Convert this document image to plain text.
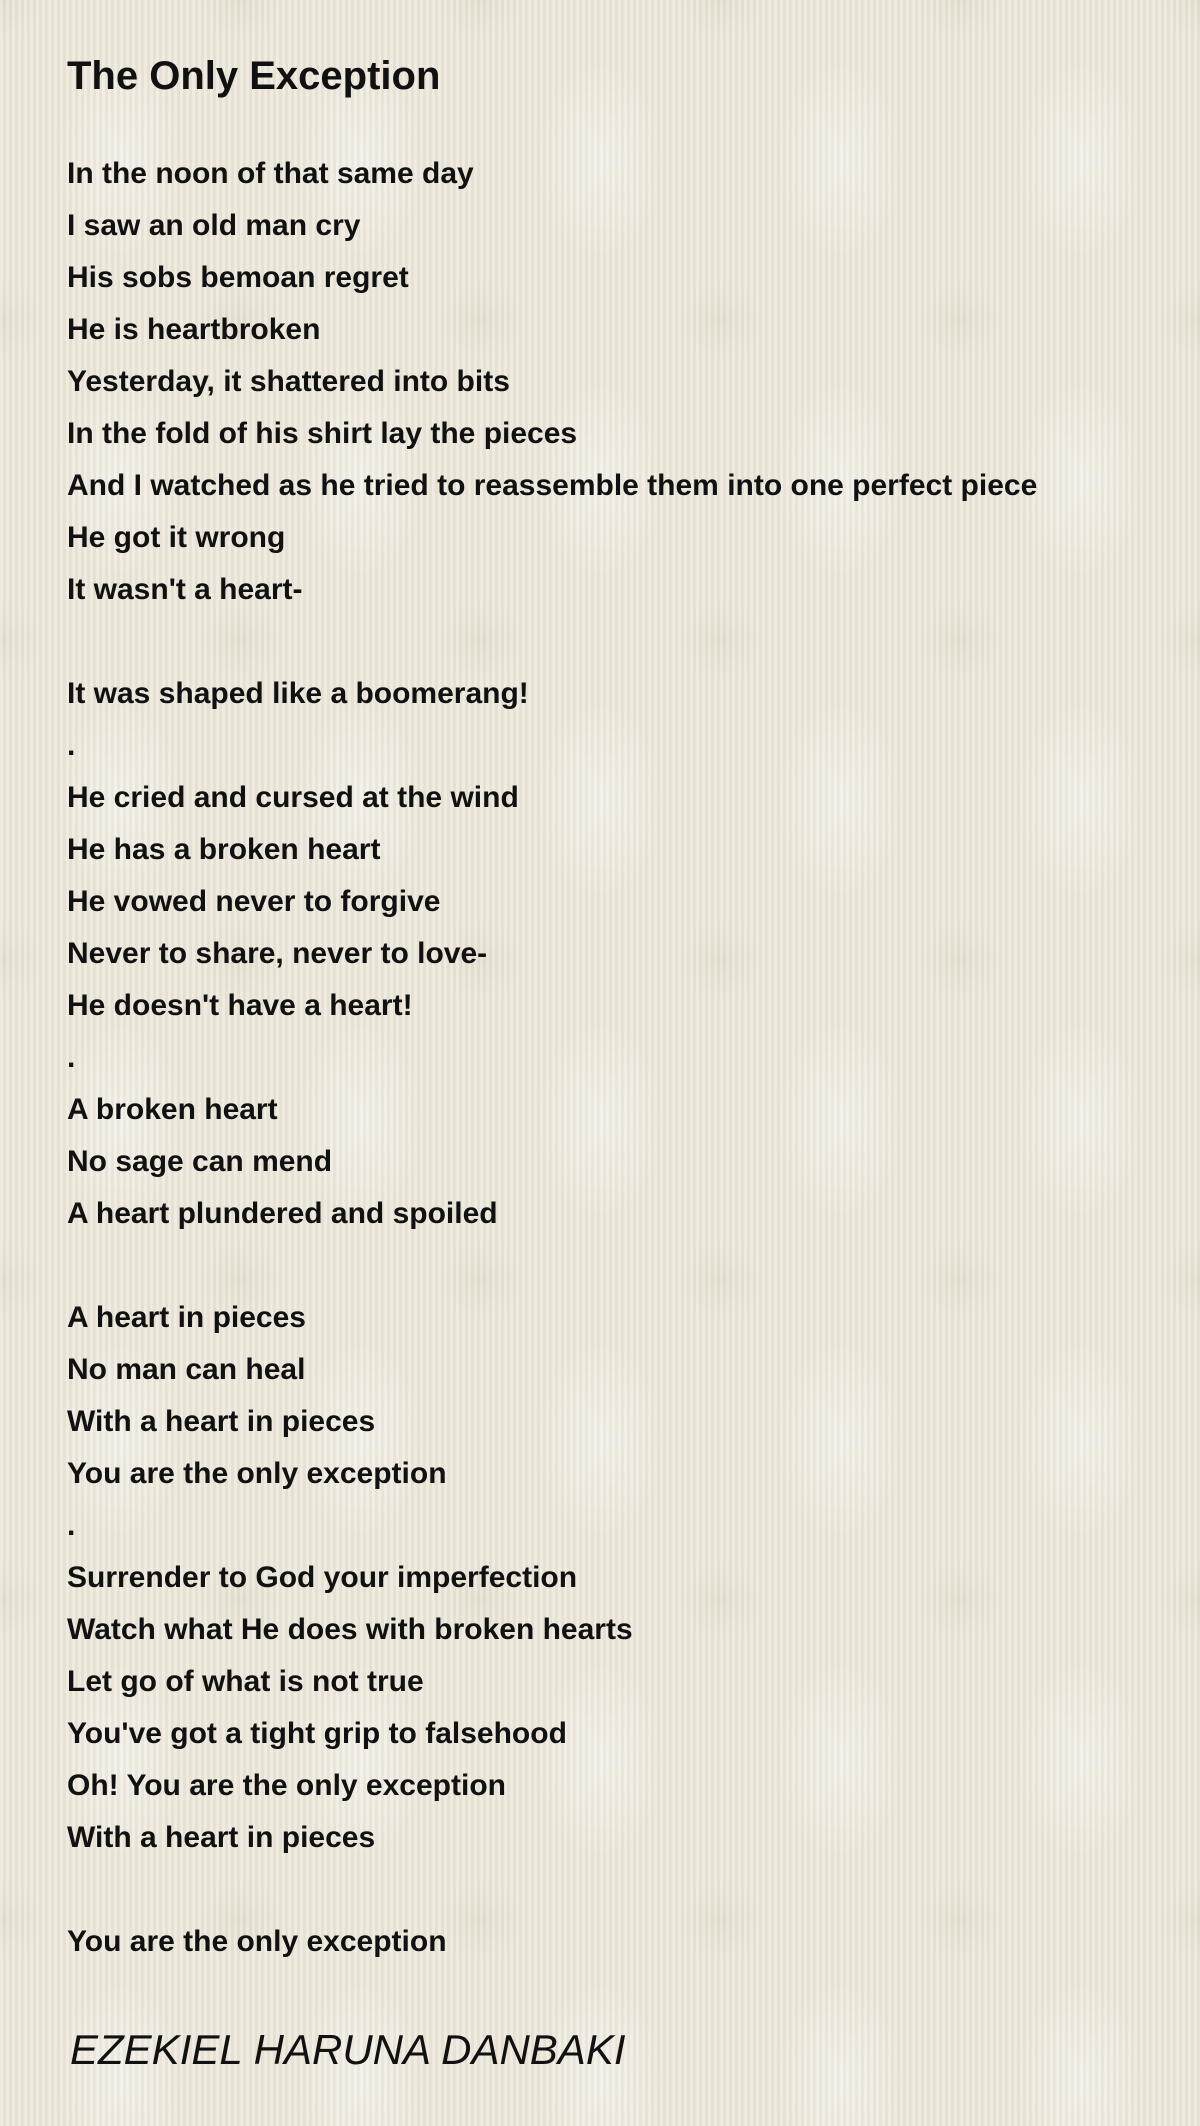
The Only Exception
In the noon of that same day
I saw an old man cry
His sobs bemoan regret
He is heartbroken
Yesterday, it shattered into bits
In the fold of his shirt lay the pieces
And I watched as he tried to reassemble them into one perfect piece
He got it wrong
It wasn't a heart-
It was shaped like a boomerang!
.
He cried and cursed at the wind
He has a broken heart
He vowed never to forgive
Never to share, never to love-
He doesn't have a heart!
.
A broken heart
No sage can mend
A heart plundered and spoiled
A heart in pieces
No man can heal
With a heart in pieces
You are the only exception
.
Surrender to God your imperfection
Watch what He does with broken hearts
Let go of what is not true
You've got a tight grip to falsehood
Oh! You are the only exception
With a heart in pieces
You are the only exception

EZEKIEL HARUNA DANBAKI
